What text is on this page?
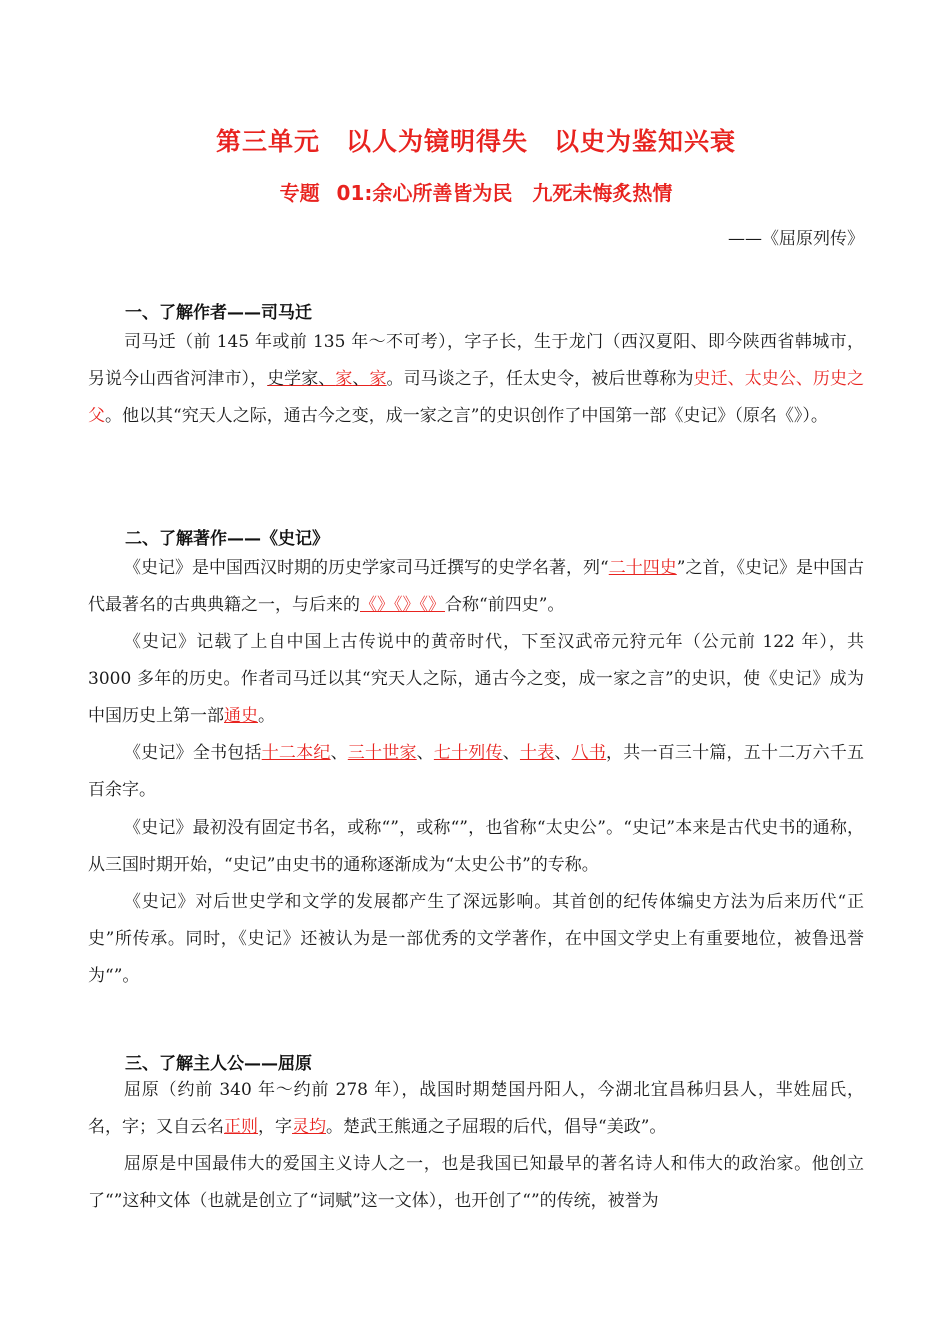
第三单元　以人为镜明得失　以史为鉴知兴衰
专题 01:余心所善皆为民　九死未悔炙热情
——《屈原列传》
一、了解作者——司马迁

司马迁（前 145 年或前 135 年～不可考），字子长，生于龙门（西汉夏阳、即今陕西省韩城市，另说今山西省河津市），史学家、家、家。司马谈之子，任太史令，被后世尊称为史迁、太史公、历史之父。他以其“究天人之际，通古今之变，成一家之言”的史识创作了中国第一部《史记》（原名《》）。

二、了解著作——《史记》

《史记》是中国西汉时期的历史学家司马迁撰写的史学名著，列“二十四史”之首，《史记》是中国古代最著名的古典典籍之一，与后来的《》《》《》合称“前四史”。

《史记》记载了上自中国上古传说中的黄帝时代，下至汉武帝元狩元年（公元前 122 年），共 3000 多年的历史。作者司马迁以其“究天人之际，通古今之变，成一家之言”的史识，使《史记》成为中国历史上第一部通史。

《史记》全书包括十二本纪、三十世家、七十列传、十表、八书，共一百三十篇，五十二万六千五百余字。

《史记》最初没有固定书名，或称“”，或称“”，也省称“太史公”。“史记”本来是古代史书的通称，从三国时期开始，“史记”由史书的通称逐渐成为“太史公书”的专称。

《史记》对后世史学和文学的发展都产生了深远影响。其首创的纪传体编史方法为后来历代“正史”所传承。同时，《史记》还被认为是一部优秀的文学著作，在中国文学史上有重要地位，被鲁迅誉为“”。

三、了解主人公——屈原

屈原（约前 340 年～约前 278 年），战国时期楚国丹阳人，今湖北宜昌秭归县人，芈姓屈氏，名，字；又自云名正则，字灵均。楚武王熊通之子屈瑕的后代，倡导“美政”。

屈原是中国最伟大的爱国主义诗人之一，也是我国已知最早的著名诗人和伟大的政治家。他创立了“”这种文体（也就是创立了“词赋”这一文体），也开创了“”的传统，被誉为
